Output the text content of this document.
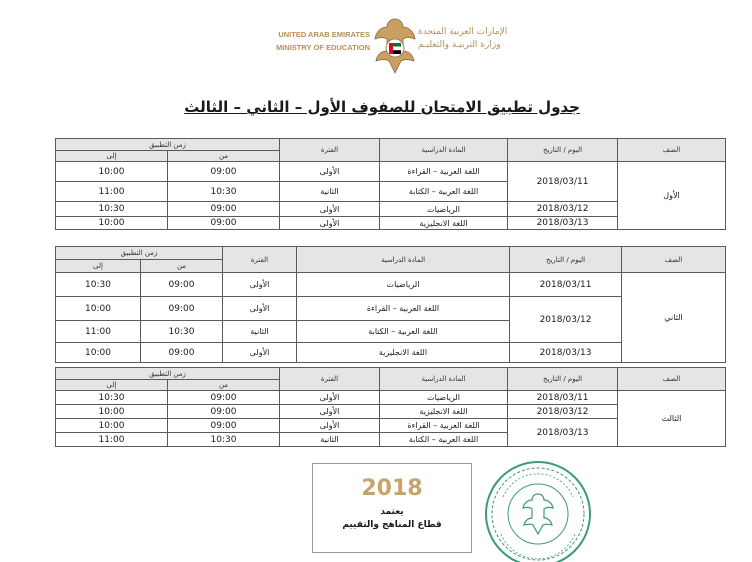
UNITED ARAB EMIRATES
MINISTRY OF EDUCATION
الإمارات العربية المتحدة
وزارة التربيـة والتعليـم
جدول تطبيق الامتحان للصفوف الأول – الثاني – الثالث
زمن التطبيق		الفترة	المادة الدراسية	اليوم / التاريخ	الصف
إلى	من				
10:00	09:00	الأولى	اللغة العربية – القراءة	2018/03/11	الأول
11:00	10:30	الثانية	اللغة العربية – الكتابة		
10:30	09:00	الأولى	الرياضيات	2018/03/12	
10:00	09:00	الأولى	اللغة الانجليزية	2018/03/13	
زمن التطبيق		الفترة	المادة الدراسية	اليوم / التاريخ	الصف
إلى	من				
10:30	09:00	الأولى	الرياضيات	2018/03/11	الثاني
10:00	09:00	الأولى	اللغة العربية – القراءة	2018/03/12	
11:00	10:30	الثانية	اللغة العربية – الكتابة		
10:00	09:00	الأولى	اللغة الانجليزية	2018/03/13	
زمن التطبيق		الفترة	المادة الدراسية	اليوم / التاريخ	الصف
إلى	من				
10:30	09:00	الأولى	الرياضيات	2018/03/11	الثالث
10:00	09:00	الأولى	اللغة الانجليزية	2018/03/12	
10:00	09:00	الأولى	اللغة العربية – القراءة	2018/03/13	
11:00	10:30	الثانية	اللغة العربية – الكتابة		
2018
يعتمد
قطاع المناهج والتقييم
